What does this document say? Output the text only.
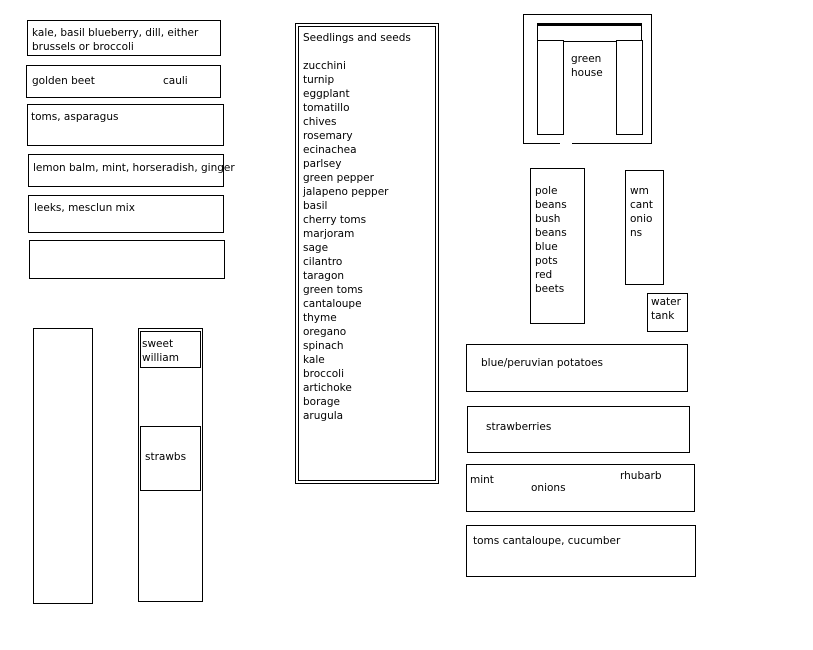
kale, basil blueberry, dill, either brussels or broccoli
golden beet	cauli
toms, asparagus
lemon balm, mint, horseradish, ginger
leeks, mesclun mix
sweet william
strawbs
Seedlings and seeds
zucchini
turnip
eggplant
tomatillo
chives
rosemary
ecinachea
parlsey
green pepper
jalapeno pepper
basil
cherry toms
marjoram
sage
cilantro
taragon
green toms
cantaloupe
thyme
oregano
spinach
kale
broccoli
artichoke
borage
arugula
green
house
pole
beans
bush
beans
blue
pots
red
beets
wm
cant
onio
ns
water
tank
blue/peruvian potatoes
strawberries
mint
onions
rhubarb
toms cantaloupe, cucumber
